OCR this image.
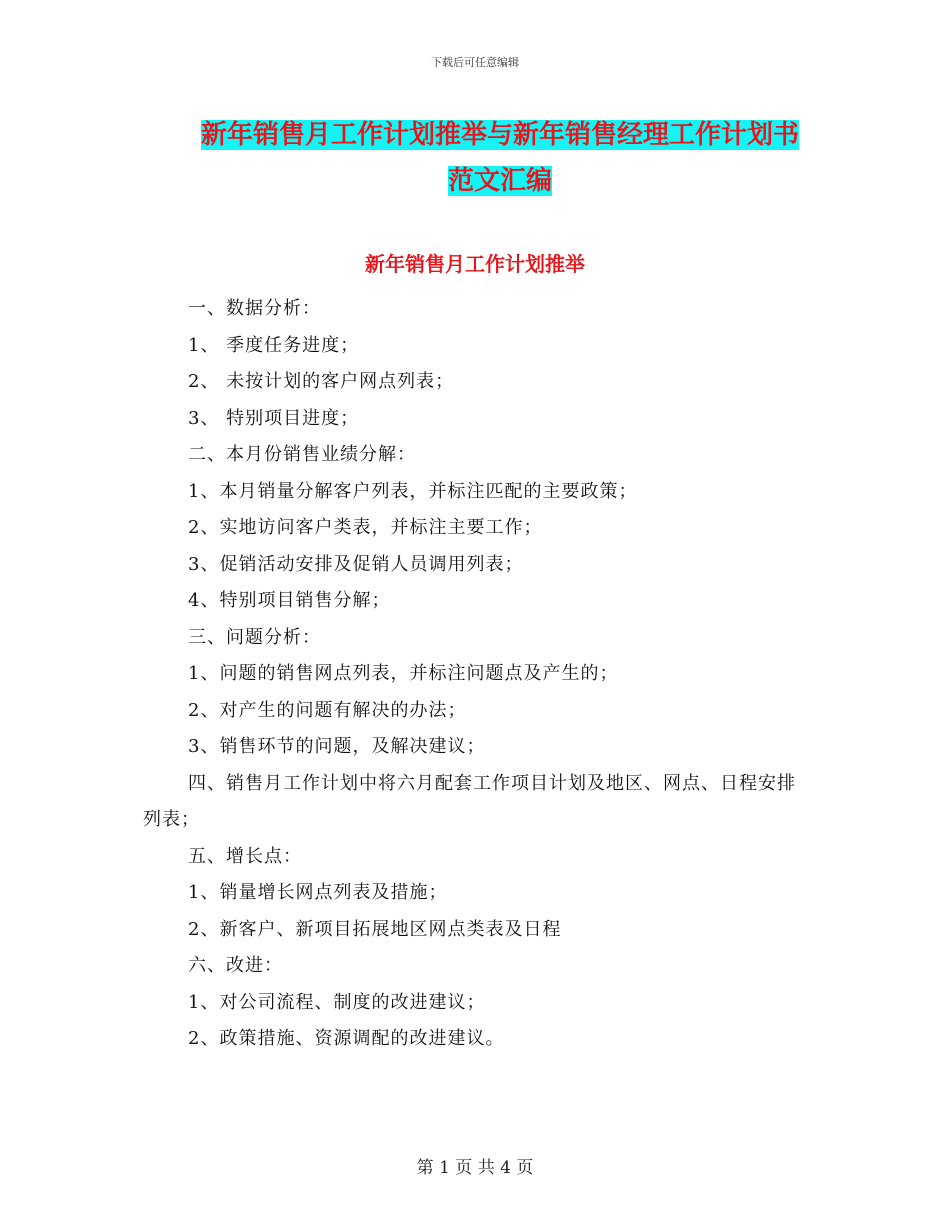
下载后可任意编辑
新年销售月工作计划推举与新年销售经理工作计划书
范文汇编
新年销售月工作计划推举
一、数据分析：
1、 季度任务进度；
2、 未按计划的客户网点列表；
3、 特别项目进度；
二、本月份销售业绩分解：
1、本月销量分解客户列表，并标注匹配的主要政策；
2、实地访问客户类表，并标注主要工作；
3、促销活动安排及促销人员调用列表；
4、特别项目销售分解；
三、问题分析：
1、问题的销售网点列表，并标注问题点及产生的；
2、对产生的问题有解决的办法；
3、销售环节的问题，及解决建议；
四、销售月工作计划中将六月配套工作项目计划及地区、网点、日程安排列表；
五、增长点：
1、销量增长网点列表及措施；
2、新客户、新项目拓展地区网点类表及日程
六、改进：
1、对公司流程、制度的改进建议；
2、政策措施、资源调配的改进建议。
第 1 页 共 4 页
